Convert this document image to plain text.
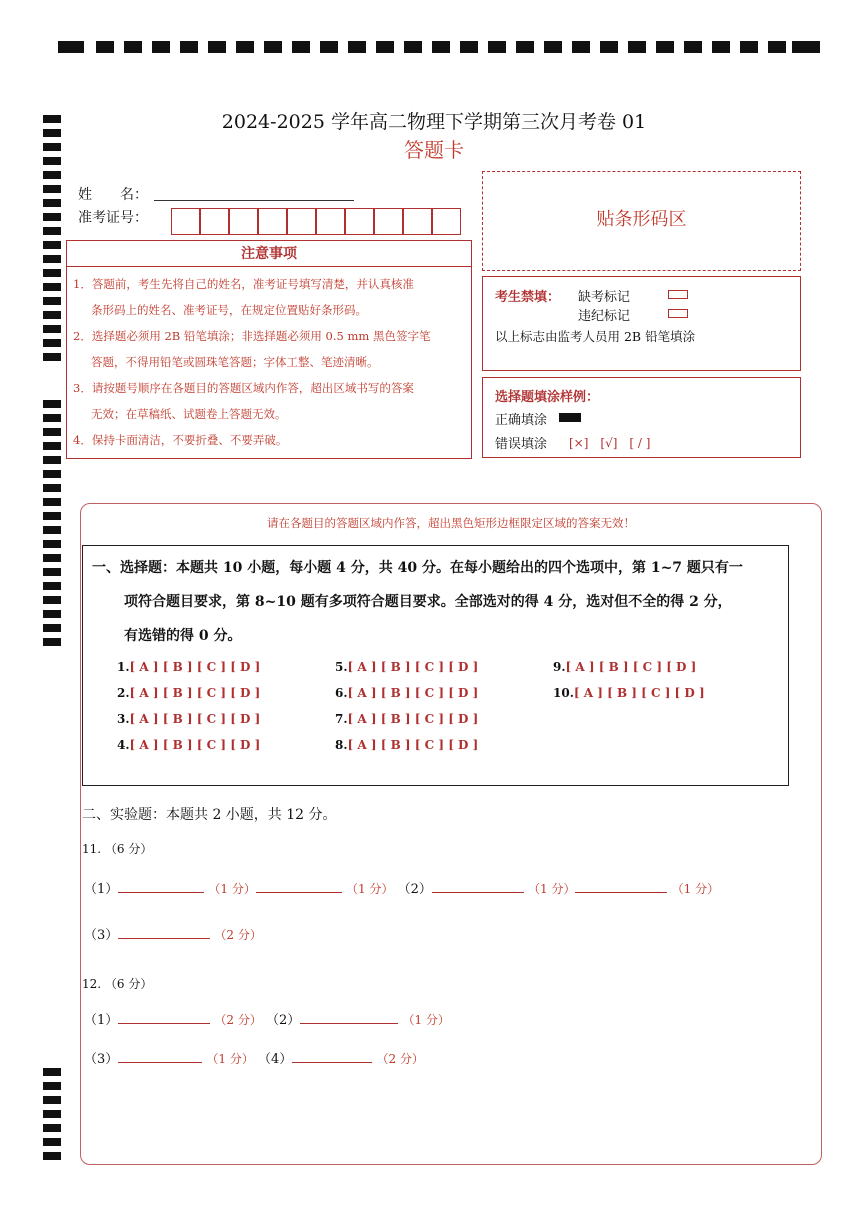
2024-2025 学年高二物理下学期第三次月考卷 01
答题卡
姓　　名：
准考证号：
注意事项
1．答题前，考生先将自己的姓名，准考证号填写清楚，并认真核准
条形码上的姓名、准考证号，在规定位置贴好条形码。
2．选择题必须用 2B 铅笔填涂；非选择题必须用 0.5 mm 黑色签字笔
答题，不得用铅笔或圆珠笔答题；字体工整、笔迹清晰。
3．请按题号顺序在各题目的答题区域内作答，超出区域书写的答案
无效；在草稿纸、试题卷上答题无效。
4．保持卡面清洁，不要折叠、不要弄破。
贴条形码区
考生禁填： 缺考标记
违纪标记
以上标志由监考人员用 2B 铅笔填涂
选择题填涂样例：
正确填涂
错误填涂 [×]　[√]　[ / ]
请在各题目的答题区域内作答，超出黑色矩形边框限定区域的答案无效！
一、选择题：本题共 10 小题，每小题 4 分，共 40 分。在每小题给出的四个选项中，第 1~7 题只有一
项符合题目要求，第 8~10 题有多项符合题目要求。全部选对的得 4 分，选对但不全的得 2 分，
有选错的得 0 分。
1.[ A ] [ B ] [ C ] [ D ]
2.[ A ] [ B ] [ C ] [ D ]
3.[ A ] [ B ] [ C ] [ D ]
4.[ A ] [ B ] [ C ] [ D ]
5.[ A ] [ B ] [ C ] [ D ]
6.[ A ] [ B ] [ C ] [ D ]
7.[ A ] [ B ] [ C ] [ D ]
8.[ A ] [ B ] [ C ] [ D ]
9.[ A ] [ B ] [ C ] [ D ]
10.[ A ] [ B ] [ C ] [ D ]
二、实验题：本题共 2 小题，共 12 分。
11. （6 分）
（1）	（1 分）	（1 分） （2）	（1 分）	（1 分）
（3）	（2 分）
12. （6 分）
（1）	（2 分） （2）	（1 分）
（3）	（1 分） （4）	（2 分）
